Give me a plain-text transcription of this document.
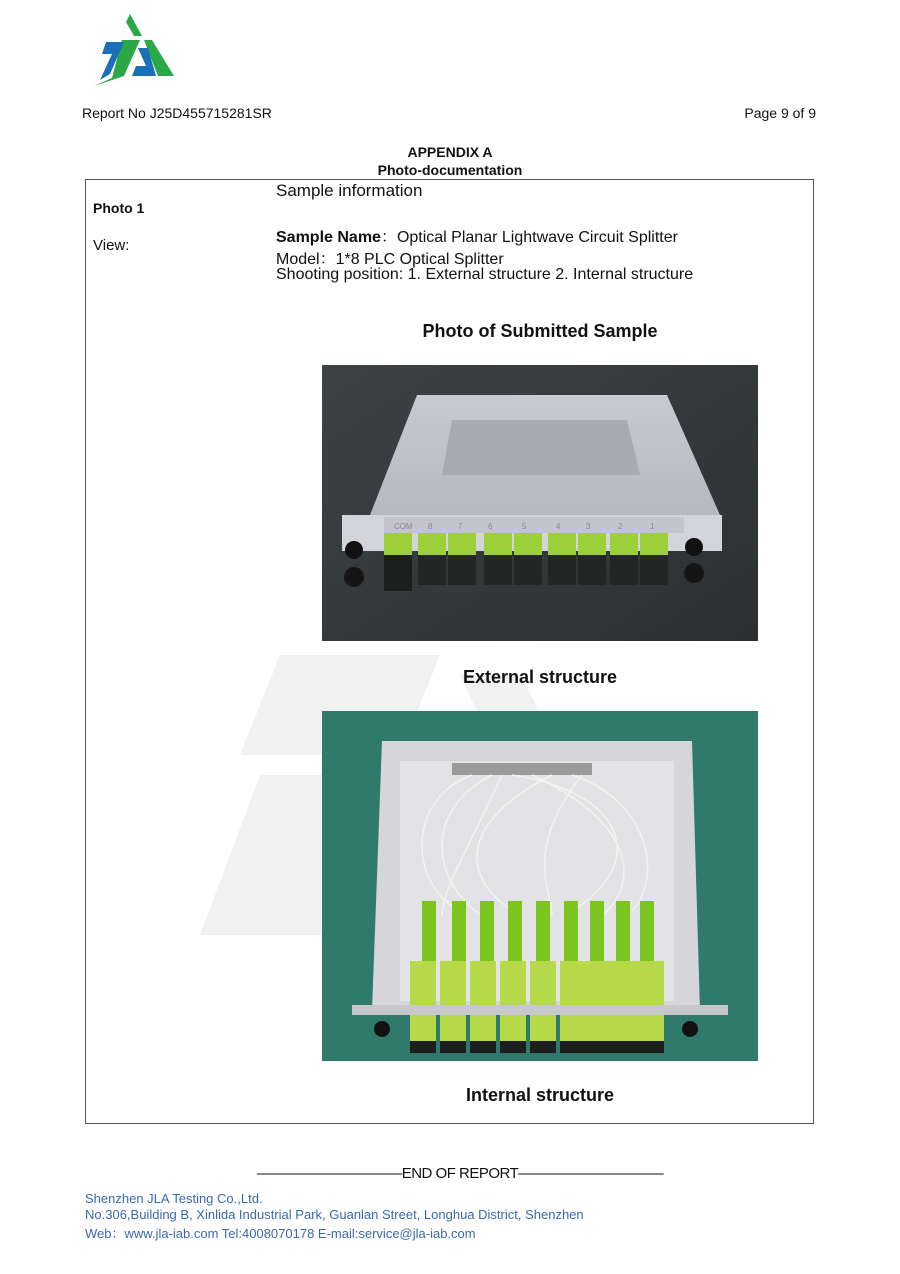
Report No J25D455715281SR	Page 9 of 9
APPENDIX A
Photo-documentation
Photo 1
View:
Sample information
Sample Name：Optical Planar Lightwave Circuit Splitter
Model：1*8 PLC Optical Splitter
Shooting position: 1. External structure 2. Internal structure
Photo of Submitted Sample
COM 8	7	6	5	4	3	2	1
External structure
Internal structure
——————————END OF REPORT——————————
Shenzhen JLA Testing Co.,Ltd.
No.306,Building B, Xinlida Industrial Park, Guanlan Street, Longhua District, Shenzhen
Web：www.jla-iab.com Tel:4008070178 E-mail:service@jla-iab.com
